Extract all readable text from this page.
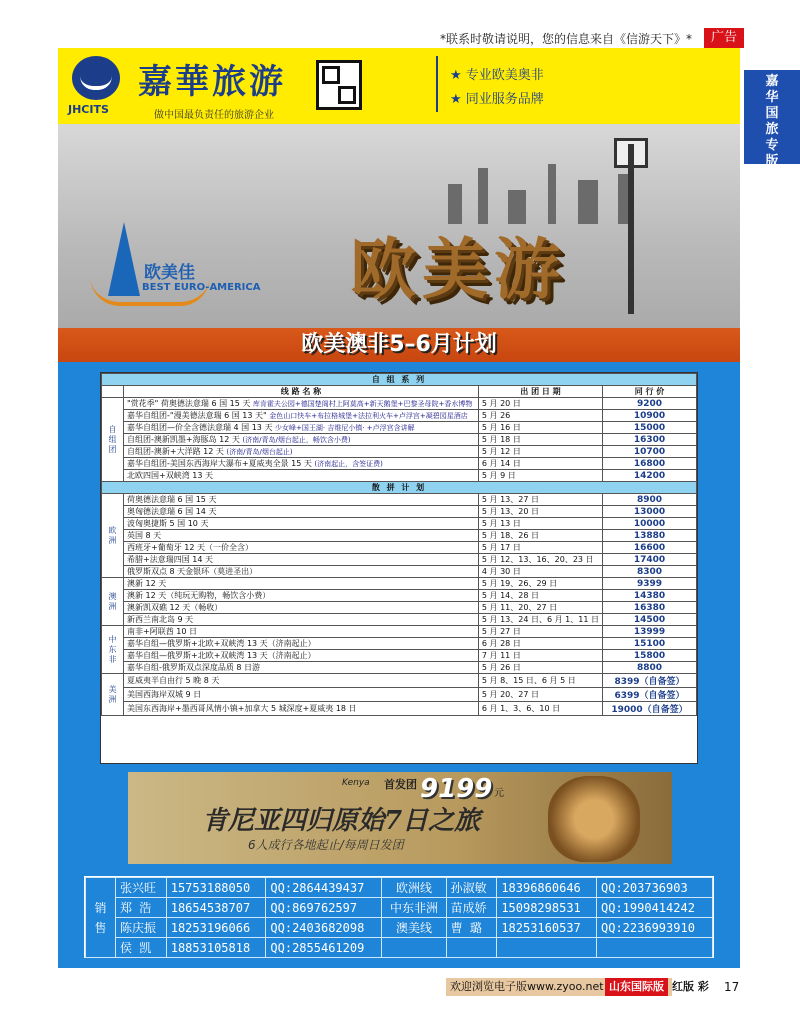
*联系时敬请说明，您的信息来自《信游天下》*	广告
嘉
华
国
旅
专
版
JHCITS
嘉華旅游
做中国最负责任的旅游企业
★ 专业欧美奥非
★ 同业服务品牌
欧美佳
BEST EURO-AMERICA 欧美游
欧美澳非5–6月计划
自 组 系 列			
	线 路 名 称	出 团 日 期	同 行 价
自组团	"赏花季" 荷奥德法意瑞 6 国 15 天 库肯霍夫公园+德国楚阁村上阿莫高+新天鹅堡+巴黎圣母院+香水博物	5 月 20 日	9200
	嘉华自组团-"漫美德法意瑞 6 国 13 天" 金色山口快车+布拉格城堡+法拉利火车+卢浮宫+凝碧园星酒店	5 月 26	10900
	嘉华自组团—价全含德法意瑞 4 国 13 天 少女峰+国王湖· 吉维尼小镇· +卢浮宫含讲解	5 月 16 日	15000
	自组团-澳新凯墨+海豚岛 12 天 (济南/青岛/烟台起止，畅饮含小费)	5 月 18 日	16300
	自组团-澳新+大洋路 12 天 (济南/青岛/烟台起止)	5 月 12 日	10700
	嘉华自组团-美国东西海岸大瀑布+夏威夷全景 15 天 (济南起止，含签证费)	6 月 14 日	16800
	北欧四国+双峡湾 13 天	5 月 9 日	14200
散 拼 计 划			
欧洲	荷奥德法意瑞 6 国 15 天	5 月 13、27 日	8900
	奥匈德法意瑞 6 国 14 天	5 月 13、20 日	13000
	波匈奥捷斯 5 国 10 天	5 月 13 日	10000
	英国 8 天	5 月 18、26 日	13880
	西班牙+葡萄牙 12 天（一价全含）	5 月 17 日	16600
	希腊+法意瑞四国 14 天	5 月 12、13、16、20、23 日	17400
	俄罗斯双点 8 天金银环（莫进圣出）	4 月 30 日	8300
澳洲	澳新 12 天	5 月 19、26、29 日	9399
	澳新 12 天（纯玩无购物，畅饮含小费）	5 月 14、28 日	14380
	澳新凯双礁 12 天（畅收）	5 月 11、20、27 日	16380
	新西兰南北岛 9 天	5 月 13、24 日、6 月 1、11 日	14500
中东非	南非+阿联酋 10 日	5 月 27 日	13999
	嘉华自组—俄罗斯+北欧+双峡湾 13 天（济南起止）	6 月 28 日	15100
	嘉华自组—俄罗斯+北欧+双峡湾 13 天（济南起止）	7 月 11 日	15800
	嘉华自组-俄罗斯双点深度品质 8 日游	5 月 26 日	8800
美洲	夏威夷半自由行 5 晚 8 天	5 月 8、15 日、6 月 5 日	8399（自备签）
	美国西海岸双城 9 日	5 月 20、27 日	6399（自备签）
	美国东西海岸+墨西哥风情小镇+加拿大 5 城深度+夏威夷 18 日	6 月 1、3、6、10 日	19000（自备签）
Kenya 首发团 9199 元
肯尼亚四归原始7日之旅
6人成行各地起止/每周日发团
销售	张兴旺	15753188050	QQ:2864439437	欧洲线	孙淑敏	18396860646	QQ:203736903
	郑 浩	18654538707	QQ:869762597	中东非洲	苗成娇	15098298531	QQ:1990414242
	陈庆振	18253196066	QQ:2403682098	澳美线	曹 璐	18253160537	QQ:2236993910
	侯 凯	18853105818	QQ:2855461209				
欢迎浏览电子版www.zyoo.net 山东国际版 红版 彩 17
